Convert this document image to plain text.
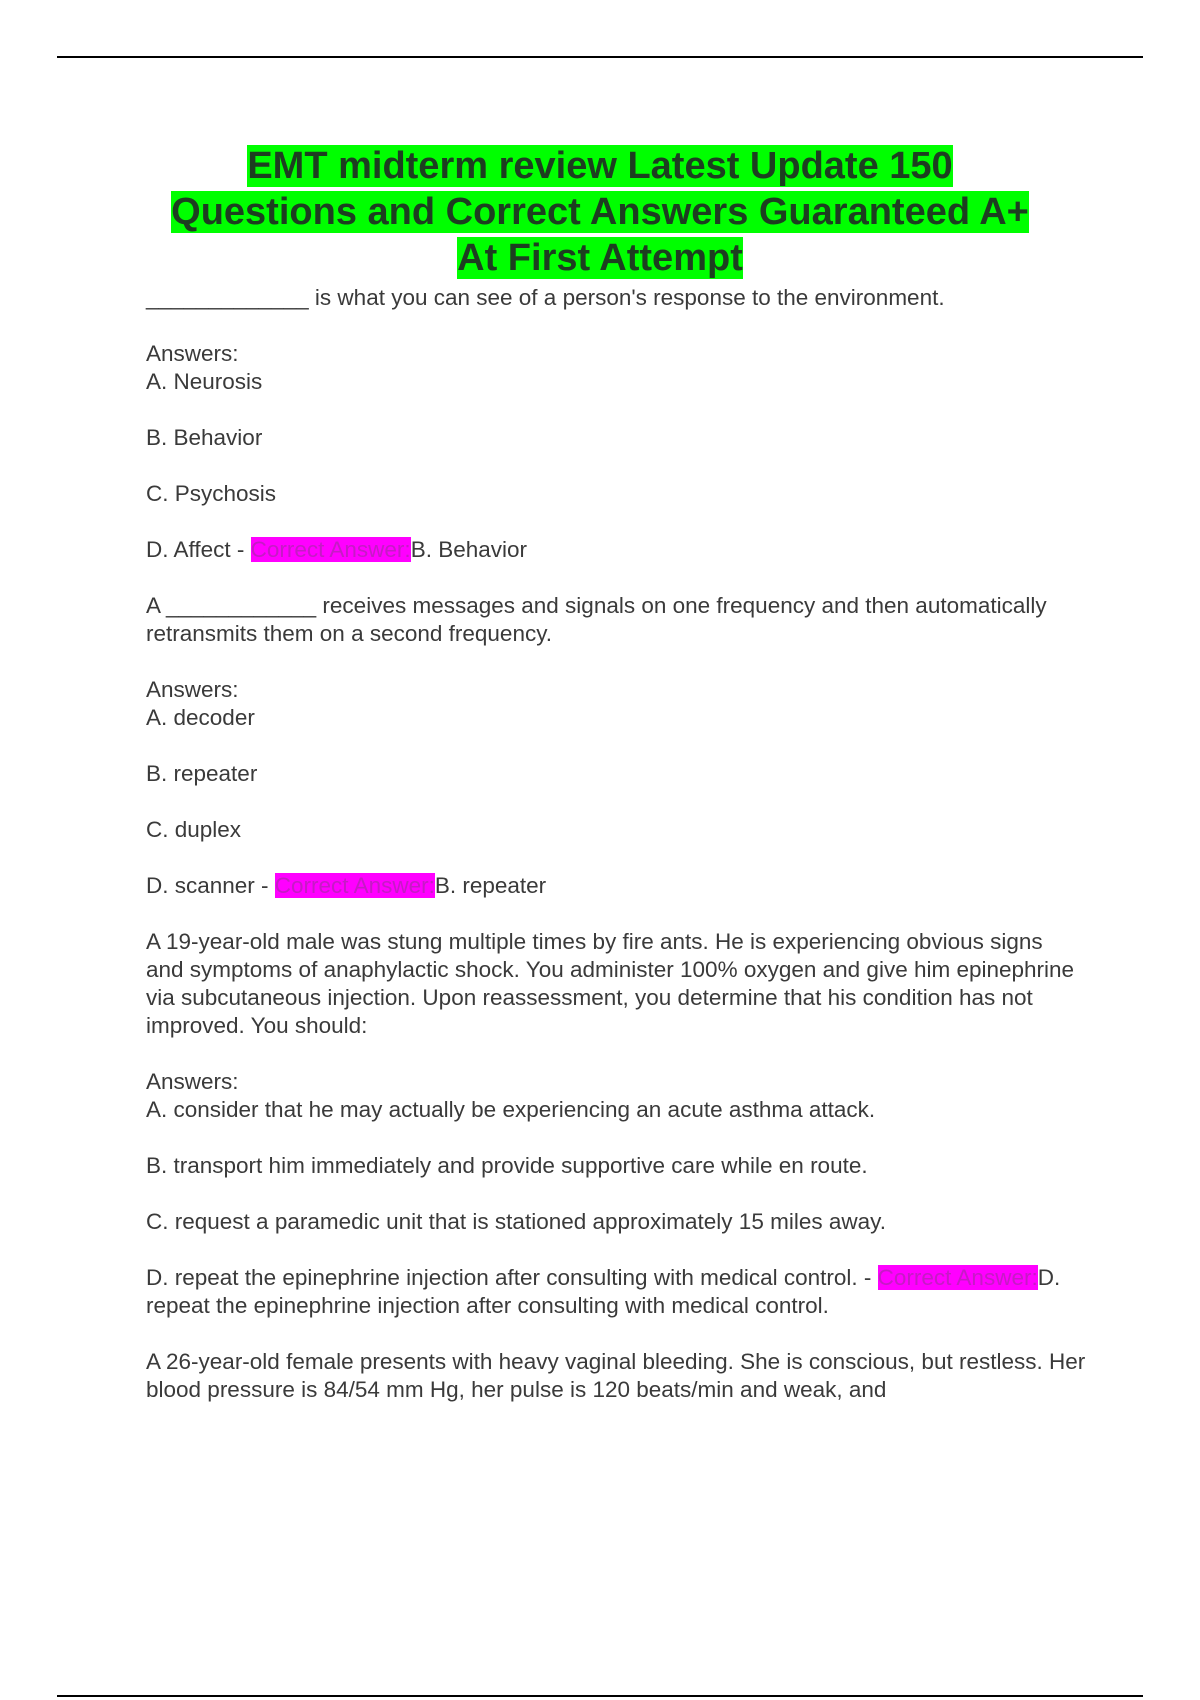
EMT midterm review Latest Update 150
Questions and Correct Answers Guaranteed A+
At First Attempt

_____________ is what you can see of a person's response to the environment.

Answers:

A. Neurosis

B. Behavior

C. Psychosis

D. Affect - Correct Answer:B. Behavior

A ____________ receives messages and signals on one frequency and then automatically retransmits them on a second frequency.

Answers:

A. decoder

B. repeater

C. duplex

D. scanner - Correct Answer:B. repeater

A 19-year-old male was stung multiple times by fire ants. He is experiencing obvious signs and symptoms of anaphylactic shock. You administer 100% oxygen and give him epinephrine via subcutaneous injection. Upon reassessment, you determine that his condition has not improved. You should:

Answers:

A. consider that he may actually be experiencing an acute asthma attack.

B. transport him immediately and provide supportive care while en route.

C. request a paramedic unit that is stationed approximately 15 miles away.

D. repeat the epinephrine injection after consulting with medical control. - Correct Answer:D. repeat the epinephrine injection after consulting with medical control.

A 26-year-old female presents with heavy vaginal bleeding. She is conscious, but restless. Her blood pressure is 84/54 mm Hg, her pulse is 120 beats/min and weak, and
